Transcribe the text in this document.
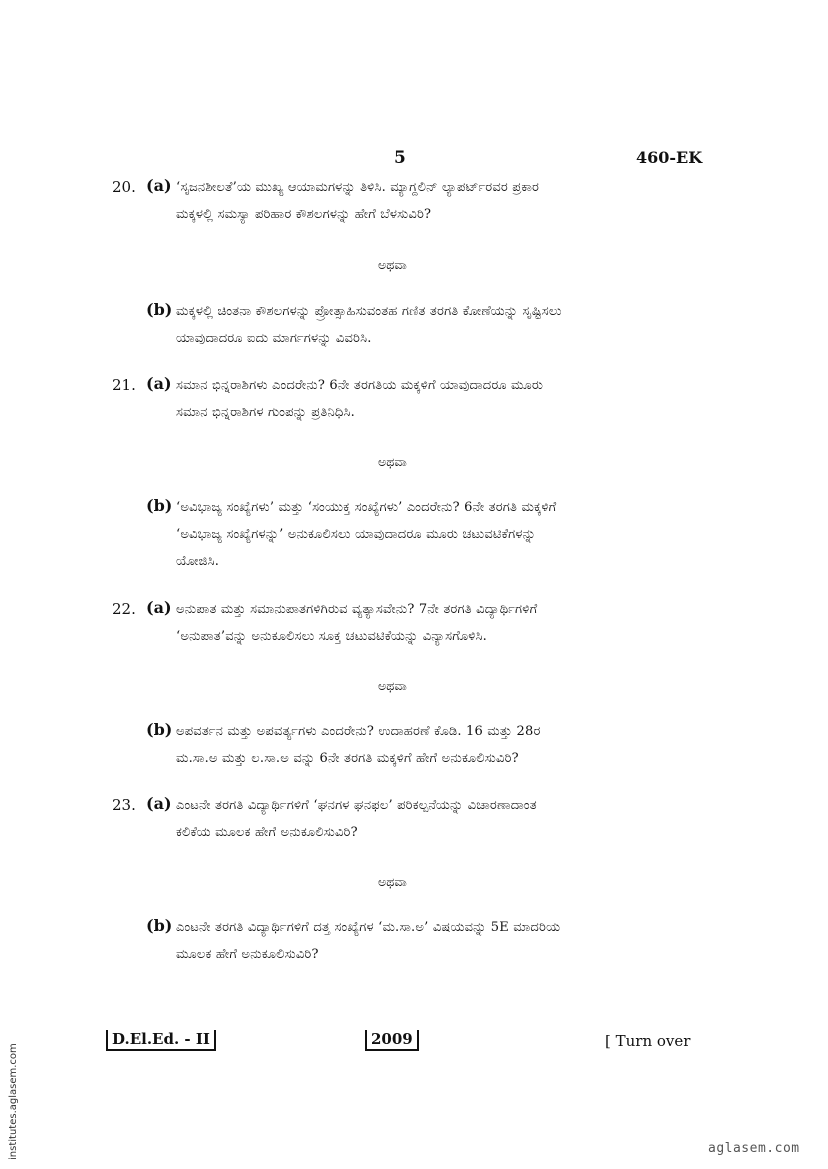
5	460-EK
20. (a) ‘ಸೃಜನಶೀಲತೆ’ಯ ಮುಖ್ಯ ಆಯಾಮಗಳನ್ನು ತಿಳಿಸಿ. ಮ್ಯಾಗ್ದಲಿನ್ ಲ್ಯಾಪರ್ಟ್‌ರವರ ಪ್ರಕಾರ
ಮಕ್ಕಳಲ್ಲಿ ಸಮಸ್ಯಾ ಪರಿಹಾರ ಕೌಶಲಗಳನ್ನು ಹೇಗೆ ಬೆಳಸುವಿರಿ?
ಅಥವಾ
(b) ಮಕ್ಕಳಲ್ಲಿ ಚಿಂತನಾ ಕೌಶಲಗಳನ್ನು ಪ್ರೋತ್ಸಾಹಿಸುವಂತಹ ಗಣಿತ ತರಗತಿ ಕೋಣೆಯನ್ನು ಸೃಷ್ಟಿಸಲು
ಯಾವುದಾದರೂ ಐದು ಮಾರ್ಗಗಳನ್ನು ವಿವರಿಸಿ.
21. (a) ಸಮಾನ ಭಿನ್ನರಾಶಿಗಳು ಎಂದರೇನು? 6ನೇ ತರಗತಿಯ ಮಕ್ಕಳಿಗೆ ಯಾವುದಾದರೂ ಮೂರು
ಸಮಾನ ಭಿನ್ನರಾಶಿಗಳ ಗುಂಪನ್ನು ಪ್ರತಿನಿಧಿಸಿ.
ಅಥವಾ
(b) ‘ಅವಿಭಾಜ್ಯ ಸಂಖ್ಯೆಗಳು’ ಮತ್ತು ‘ಸಂಯುಕ್ತ ಸಂಖ್ಯೆಗಳು’ ಎಂದರೇನು? 6ನೇ ತರಗತಿ ಮಕ್ಕಳಿಗೆ
‘ಅವಿಭಾಜ್ಯ ಸಂಖ್ಯೆಗಳನ್ನು’ ಅನುಕೂಲಿಸಲು ಯಾವುದಾದರೂ ಮೂರು ಚಟುವಟಿಕೆಗಳನ್ನು
ಯೋಜಿಸಿ.
22. (a) ಅನುಪಾತ ಮತ್ತು ಸಮಾನುಪಾತಗಳಿಗಿರುವ ವ್ಯತ್ಯಾಸವೇನು? 7ನೇ ತರಗತಿ ವಿದ್ಯಾರ್ಥಿಗಳಿಗೆ
‘ಅನುಪಾತ’ವನ್ನು ಅನುಕೂಲಿಸಲು ಸೂಕ್ತ ಚಟುವಟಿಕೆಯನ್ನು ವಿನ್ಯಾಸಗೊಳಿಸಿ.
ಅಥವಾ
(b) ಅಪವರ್ತನ ಮತ್ತು ಅಪವರ್ತ್ಯಗಳು ಎಂದರೇನು? ಉದಾಹರಣೆ ಕೊಡಿ. 16 ಮತ್ತು 28ರ
ಮ.ಸಾ.ಅ ಮತ್ತು ಲ.ಸಾ.ಅ ವನ್ನು 6ನೇ ತರಗತಿ ಮಕ್ಕಳಿಗೆ ಹೇಗೆ ಅನುಕೂಲಿಸುವಿರಿ?
23. (a) ಎಂಟನೇ ತರಗತಿ ವಿದ್ಯಾರ್ಥಿಗಳಿಗೆ ‘ಘನಗಳ ಘನಫಲ’ ಪರಿಕಲ್ಪನೆಯನ್ನು ವಿಚಾರಣಾದಾಂತ
ಕಲಿಕೆಯ ಮೂಲಕ ಹೇಗೆ ಅನುಕೂಲಿಸುವಿರಿ?
ಅಥವಾ
(b) ಎಂಟನೇ ತರಗತಿ ವಿದ್ಯಾರ್ಥಿಗಳಿಗೆ ದತ್ತ ಸಂಖ್ಯೆಗಳ ‘ಮ.ಸಾ.ಅ’ ವಿಷಯವನ್ನು 5E ಮಾದರಿಯ
ಮೂಲಕ ಹೇಗೆ ಅನುಕೂಲಿಸುವಿರಿ?
D.El.Ed. - II	2009	[ Turn over
institutes.aglasem.com	aglasem.com
